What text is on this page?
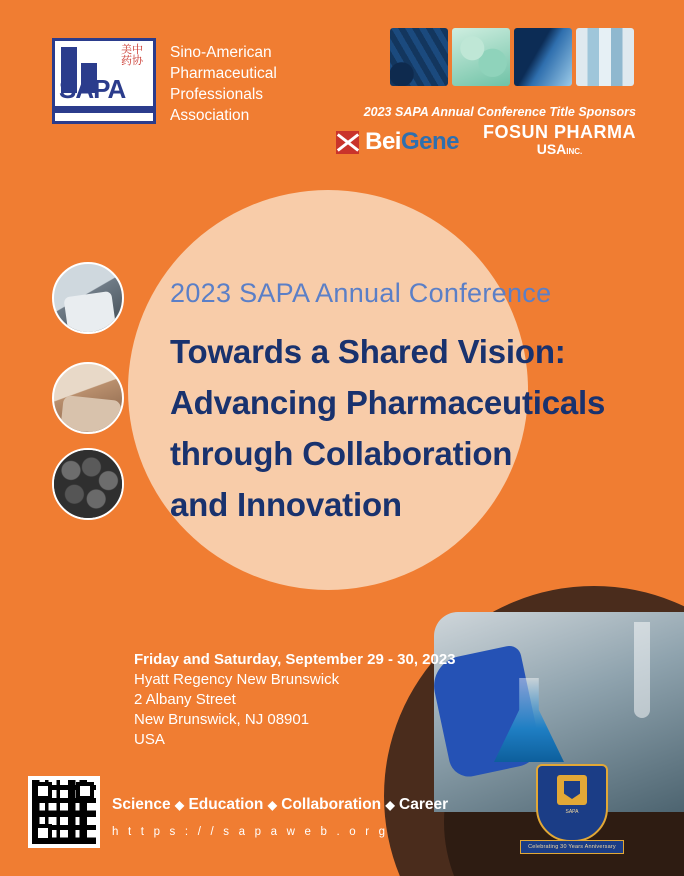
美中
药协
SAPA
Sino-American
Pharmaceutical
Professionals
Association	2023 SAPA Annual Conference Title Sponsors
BeiGene FOSUN PHARMA
USAINC.
2023 SAPA Annual Conference
Towards a Shared Vision:
Advancing Pharmaceuticals
through Collaboration
and Innovation
SAPA
Celebrating 30 Years Anniversary
Friday and Saturday, September 29 - 30, 2023
Hyatt Regency New Brunswick
2 Albany Street
New Brunswick, NJ 08901
USA
Science ◆ Education ◆ Collaboration ◆ Career
h t t p s : / / s a p a w e b . o r g
